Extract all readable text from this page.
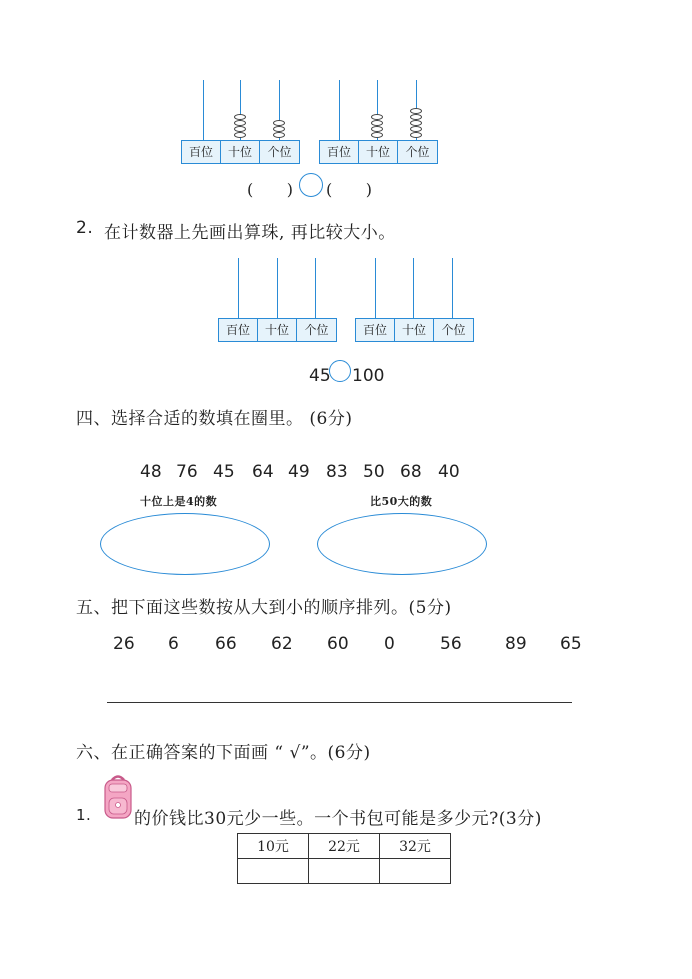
百位	十位	个位	百位	十位	个位
(　　) (　　)
2. 在计数器上先画出算珠, 再比较大小。
百位	十位	个位	百位	十位	个位
45 100
四、选择合适的数填在圈里。 (6分)
48 76 45 64 49 83 50 68 40
十位上是4的数	比50大的数
五、把下面这些数按从大到小的顺序排列。(5分)
26 6 66 62 60 0	56	89 65
六、在正确答案的下面画 “ √”。(6分)
1.	的价钱比30元少一些。一个书包可能是多少元?(3分)
10元	22元	32元
